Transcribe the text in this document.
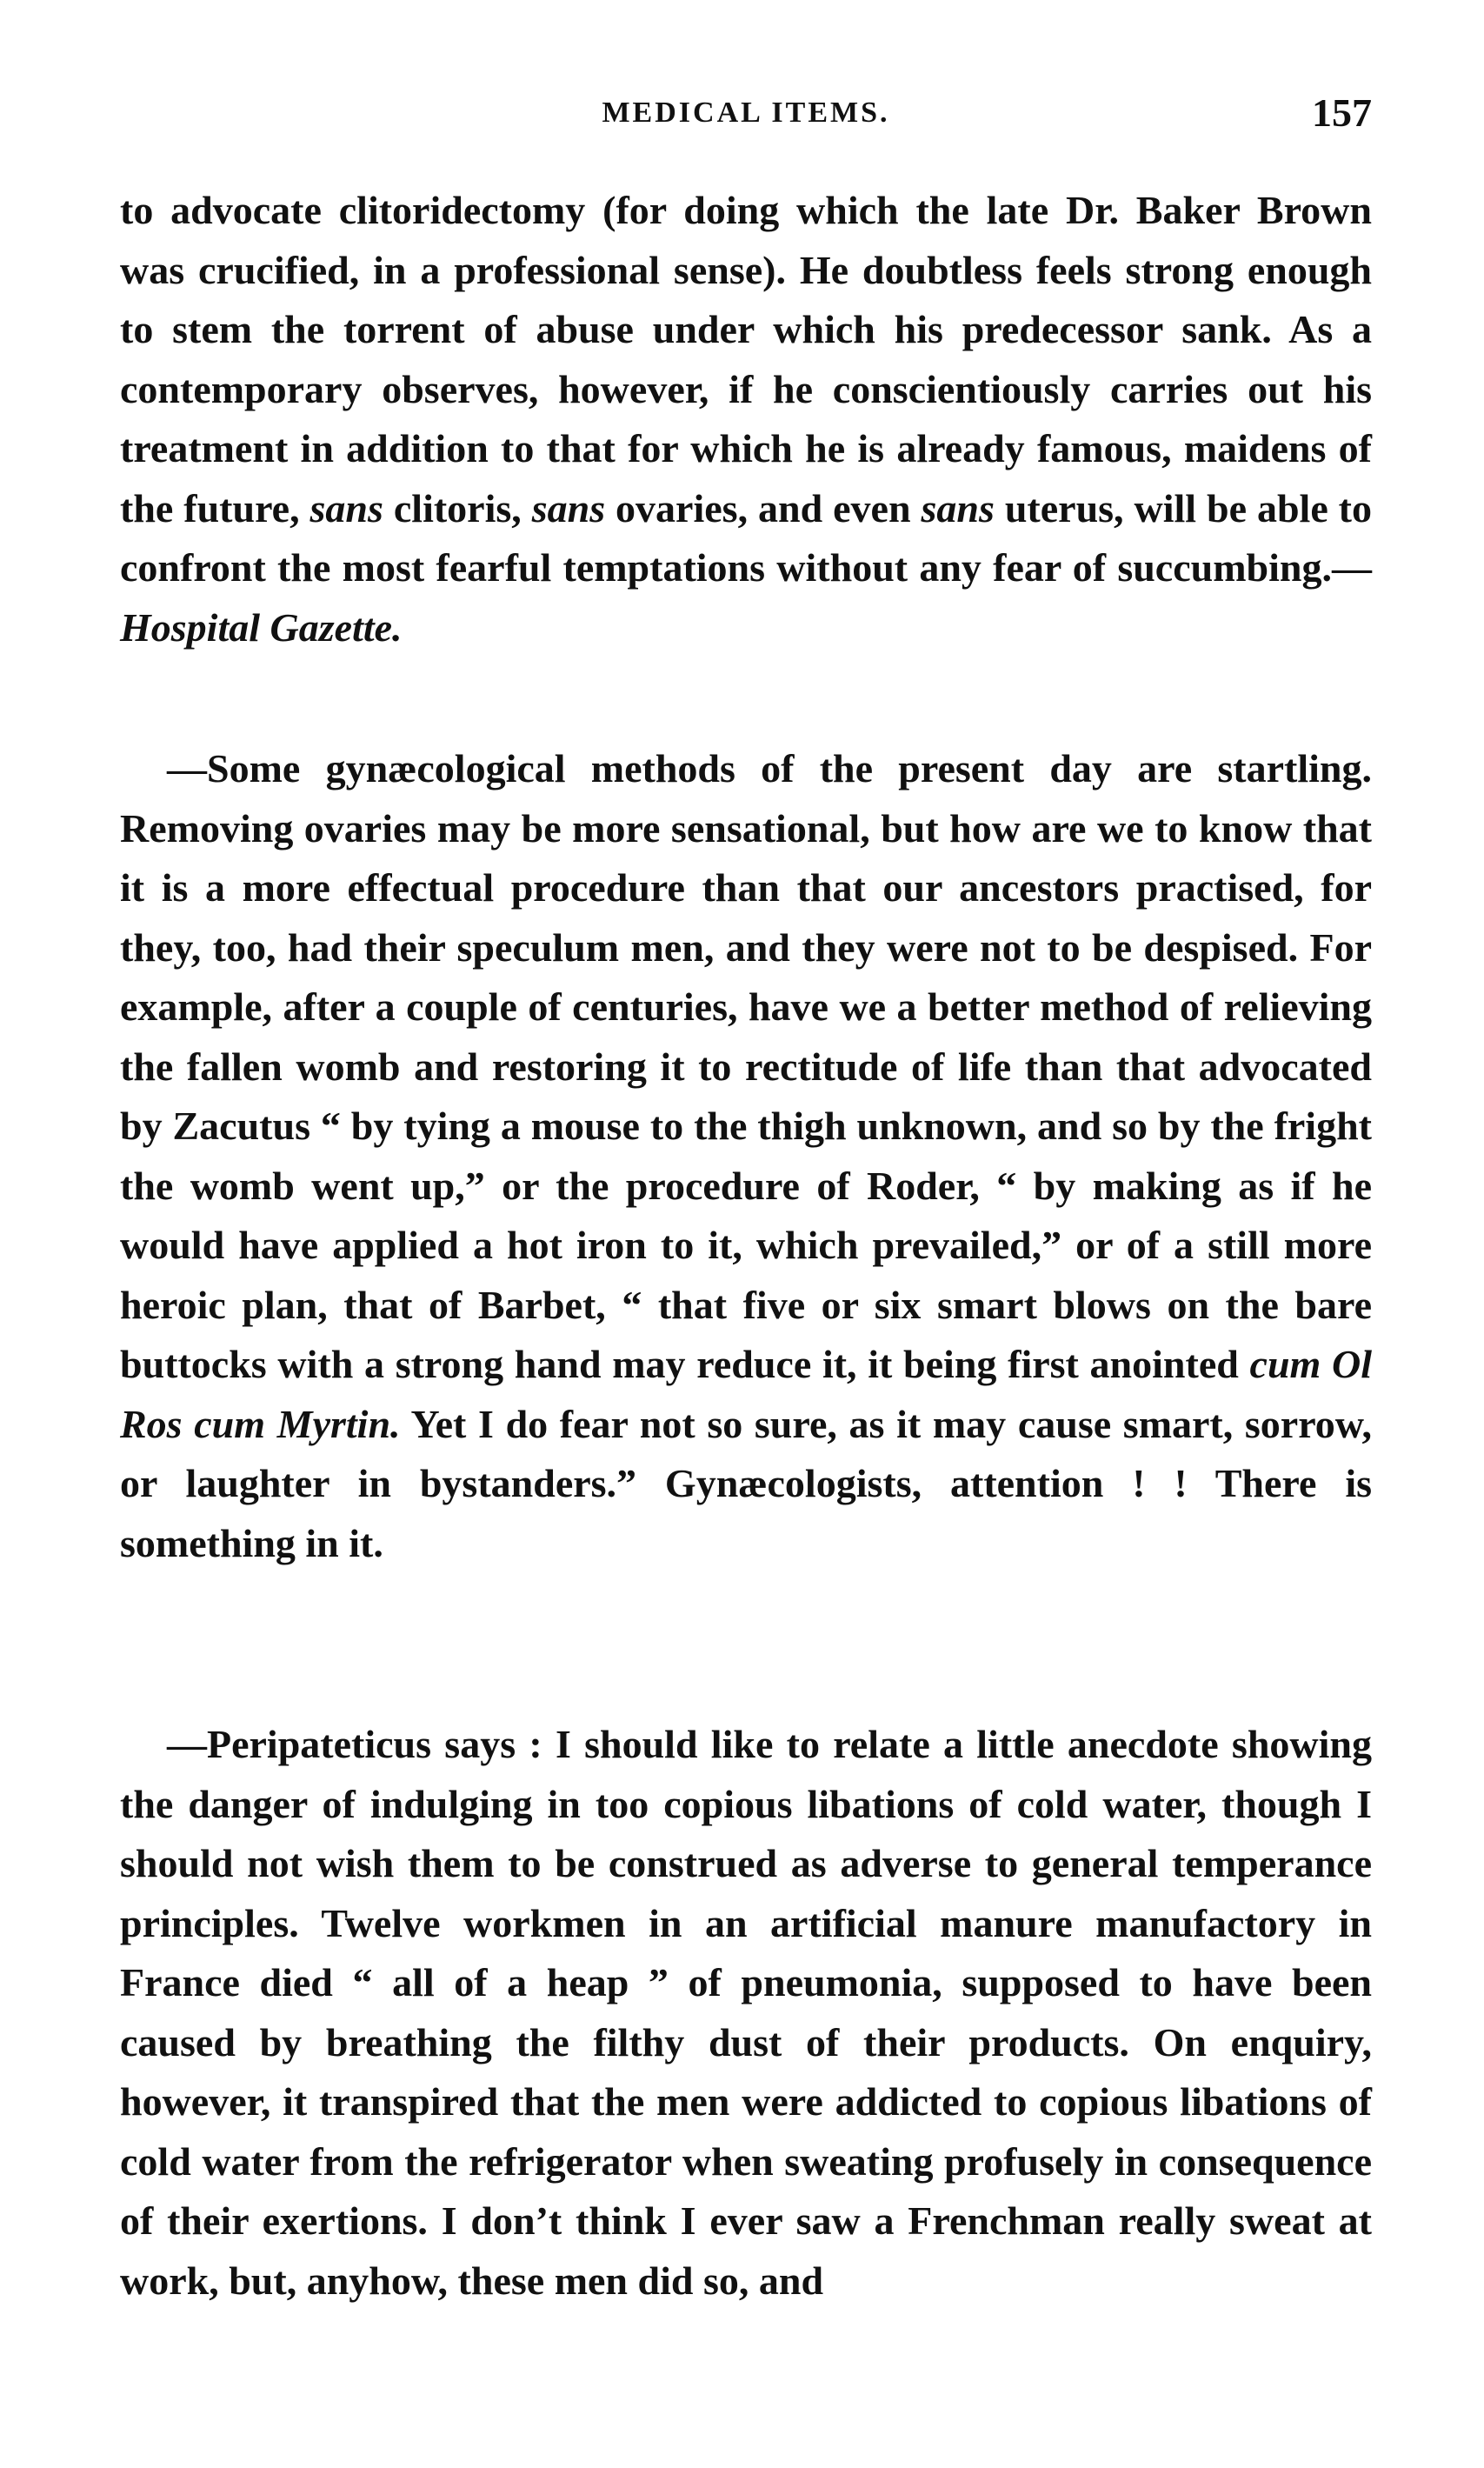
MEDICAL ITEMS.	157

to advocate clitoridectomy (for doing which the late Dr. Baker Brown was crucified, in a professional sense). He doubtless feels strong enough to stem the torrent of abuse under which his predecessor sank. As a contemporary observes, however, if he conscientiously carries out his treatment in addition to that for which he is already famous, maidens of the future, sans clitoris, sans ovaries, and even sans uterus, will be able to confront the most fearful temptations without any fear of succumbing.—Hospital Gazette.

—Some gynæcological methods of the present day are startling. Removing ovaries may be more sensational, but how are we to know that it is a more effectual procedure than that our ancestors practised, for they, too, had their speculum men, and they were not to be despised. For example, after a couple of centuries, have we a better method of relieving the fallen womb and restoring it to rectitude of life than that advocated by Zacutus “ by tying a mouse to the thigh unknown, and so by the fright the womb went up,” or the procedure of Roder, “ by making as if he would have applied a hot iron to it, which prevailed,” or of a still more heroic plan, that of Barbet, “ that five or six smart blows on the bare buttocks with a strong hand may reduce it, it being first anointed cum Ol Ros cum Myrtin. Yet I do fear not so sure, as it may cause smart, sorrow, or laughter in bystanders.” Gynæcologists, attention ! ! There is something in it.

—Peripateticus says : I should like to relate a little anecdote showing the danger of indulging in too copious libations of cold water, though I should not wish them to be construed as adverse to general temperance principles. Twelve workmen in an artificial manure manufactory in France died “ all of a heap ” of pneumonia, supposed to have been caused by breathing the filthy dust of their products. On enquiry, however, it transpired that the men were addicted to copious libations of cold water from the refrigerator when sweating profusely in consequence of their exertions. I don’t think I ever saw a Frenchman really sweat at work, but, anyhow, these men did so, and
